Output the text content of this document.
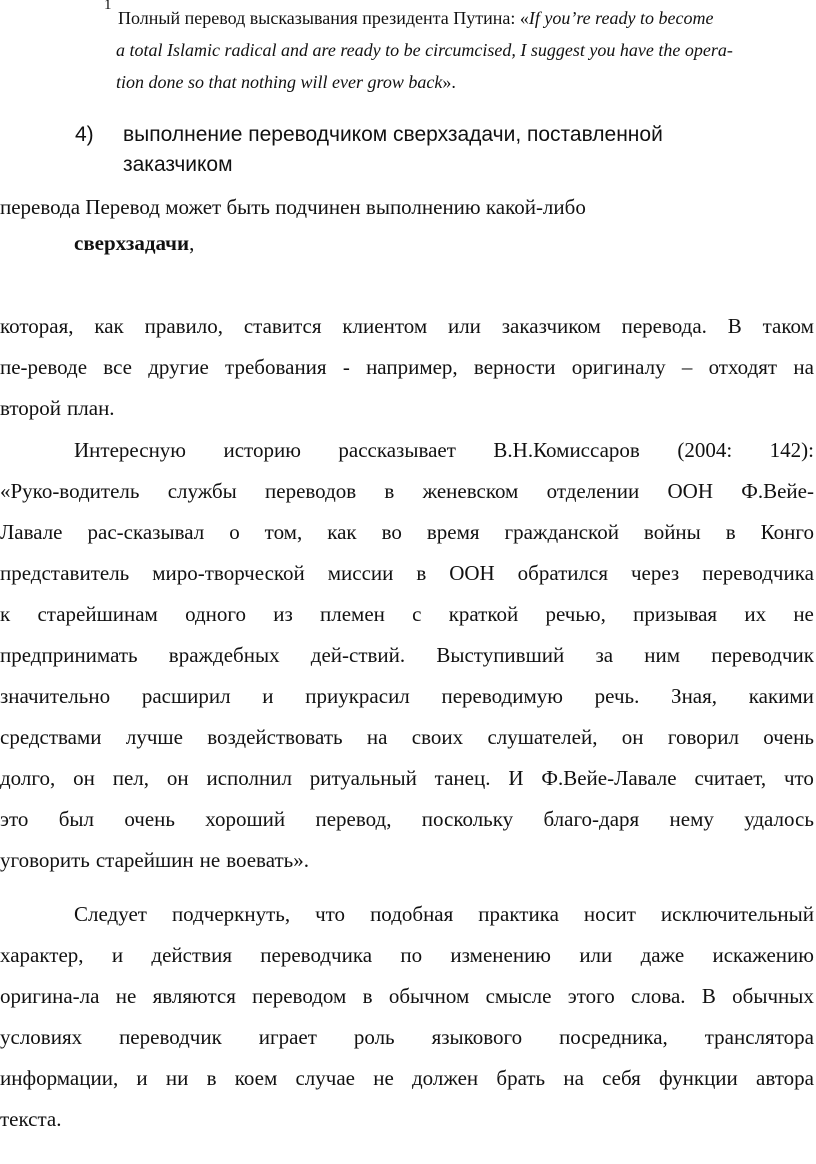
1
Полный перевод высказывания президента Путина: «If you’re ready to become
a total Islamic radical and are ready to be circumcised, I suggest you have the opera-
tion done so that nothing will ever grow back».
4) выполнение переводчиком сверхзадачи, поставленной
заказчиком
перевода Перевод может быть подчинен выполнению какой-либо
сверхзадачи,
которая, как правило, ставится клиентом или заказчиком перевода. В таком
пе-реводе все другие требования - например, верности оригиналу – отходят на
второй план.
Интересную историю рассказывает В.Н.Комиссаров (2004: 142):
«Руко-водитель службы переводов в женевском отделении ООН Ф.Вейе-
Лавале рас-сказывал о том, как во время гражданской войны в Конго
представитель миро-творческой миссии в ООН обратился через переводчика
к старейшинам одного из племен с краткой речью, призывая их не
предпринимать враждебных дей-ствий. Выступивший за ним переводчик
значительно расширил и приукрасил переводимую речь. Зная, какими
средствами лучше воздействовать на своих слушателей, он говорил очень
долго, он пел, он исполнил ритуальный танец. И Ф.Вейе-Лавале считает, что
это был очень хороший перевод, поскольку благо-даря нему удалось
уговорить старейшин не воевать».
Следует подчеркнуть, что подобная практика носит исключительный
характер, и действия переводчика по изменению или даже искажению
оригина-ла не являются переводом в обычном смысле этого слова. В обычных
условиях переводчик играет роль языкового посредника, транслятора
информации, и ни в коем случае не должен брать на себя функции автора
текста.
